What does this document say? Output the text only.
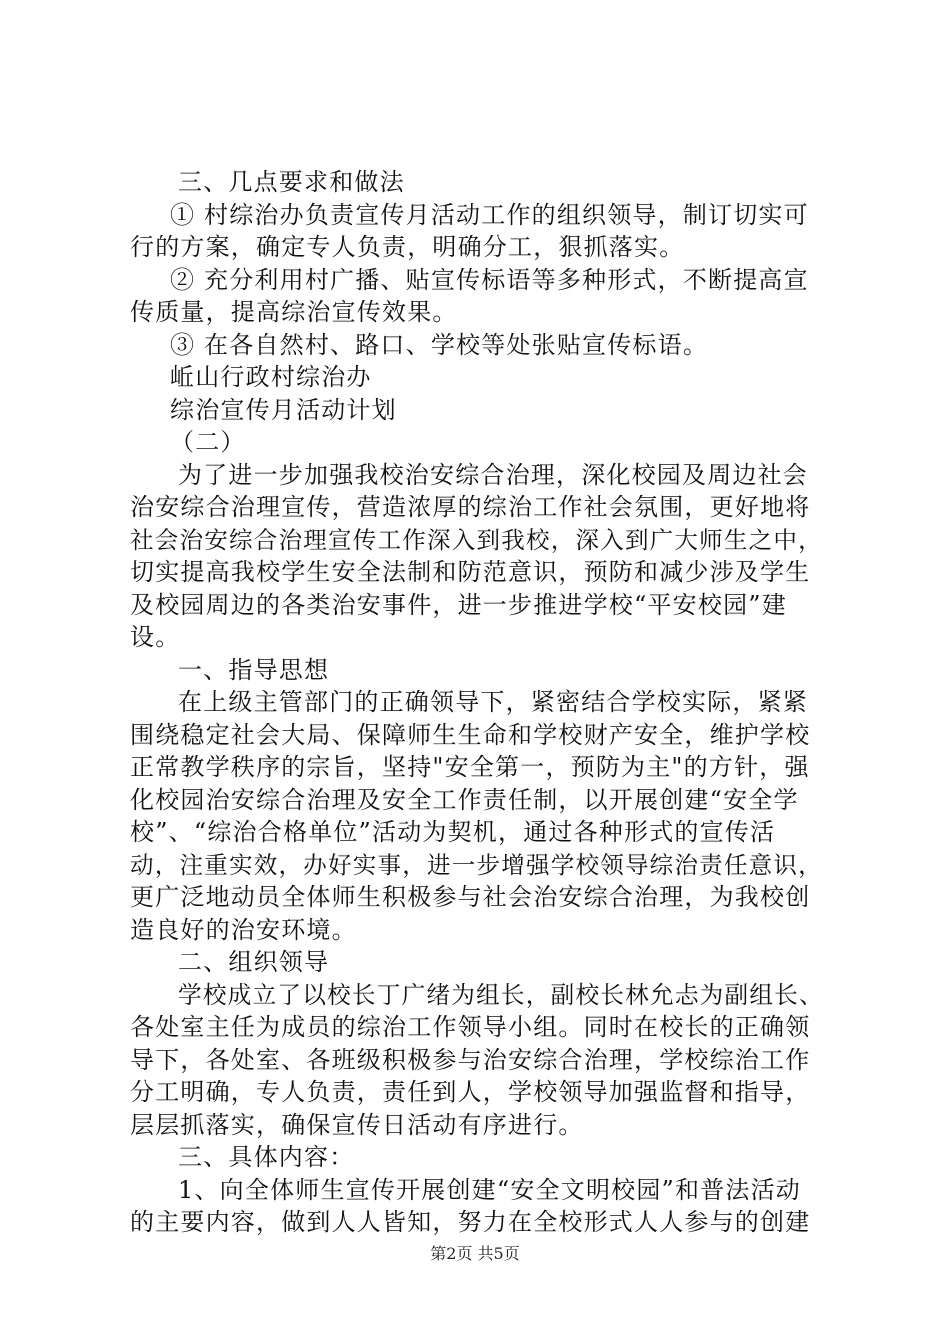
三、几点要求和做法
① 村综治办负责宣传月活动工作的组织领导，制订切实可
行的方案，确定专人负责，明确分工，狠抓落实。
② 充分利用村广播、贴宣传标语等多种形式，不断提高宣
传质量，提高综治宣传效果。
③ 在各自然村、路口、学校等处张贴宣传标语。
岴山行政村综治办
综治宣传月活动计划
（二）
为了进一步加强我校治安综合治理，深化校园及周边社会
治安综合治理宣传，营造浓厚的综治工作社会氛围，更好地将
社会治安综合治理宣传工作深入到我校，深入到广大师生之中，
切实提高我校学生安全法制和防范意识，预防和减少涉及学生
及校园周边的各类治安事件，进一步推进学校“平安校园”建
设。
一、指导思想
在上级主管部门的正确领导下，紧密结合学校实际，紧紧
围绕稳定社会大局、保障师生生命和学校财产安全，维护学校
正常教学秩序的宗旨，坚持"安全第一，预防为主"的方针，强
化校园治安综合治理及安全工作责任制，以开展创建“安全学
校”、“综治合格单位”活动为契机，通过各种形式的宣传活
动，注重实效，办好实事，进一步增强学校领导综治责任意识，
更广泛地动员全体师生积极参与社会治安综合治理，为我校创
造良好的治安环境。
二、组织领导
学校成立了以校长丁广绪为组长，副校长林允忐为副组长、
各处室主任为成员的综治工作领导小组。同时在校长的正确领
导下，各处室、各班级积极参与治安综合治理，学校综治工作
分工明确，专人负责，责任到人，学校领导加强监督和指导，
层层抓落实，确保宣传日活动有序进行。
三、具体内容：
1、向全体师生宣传开展创建“安全文明校园”和普法活动
的主要内容，做到人人皆知，努力在全校形式人人参与的创建
第2页 共5页
